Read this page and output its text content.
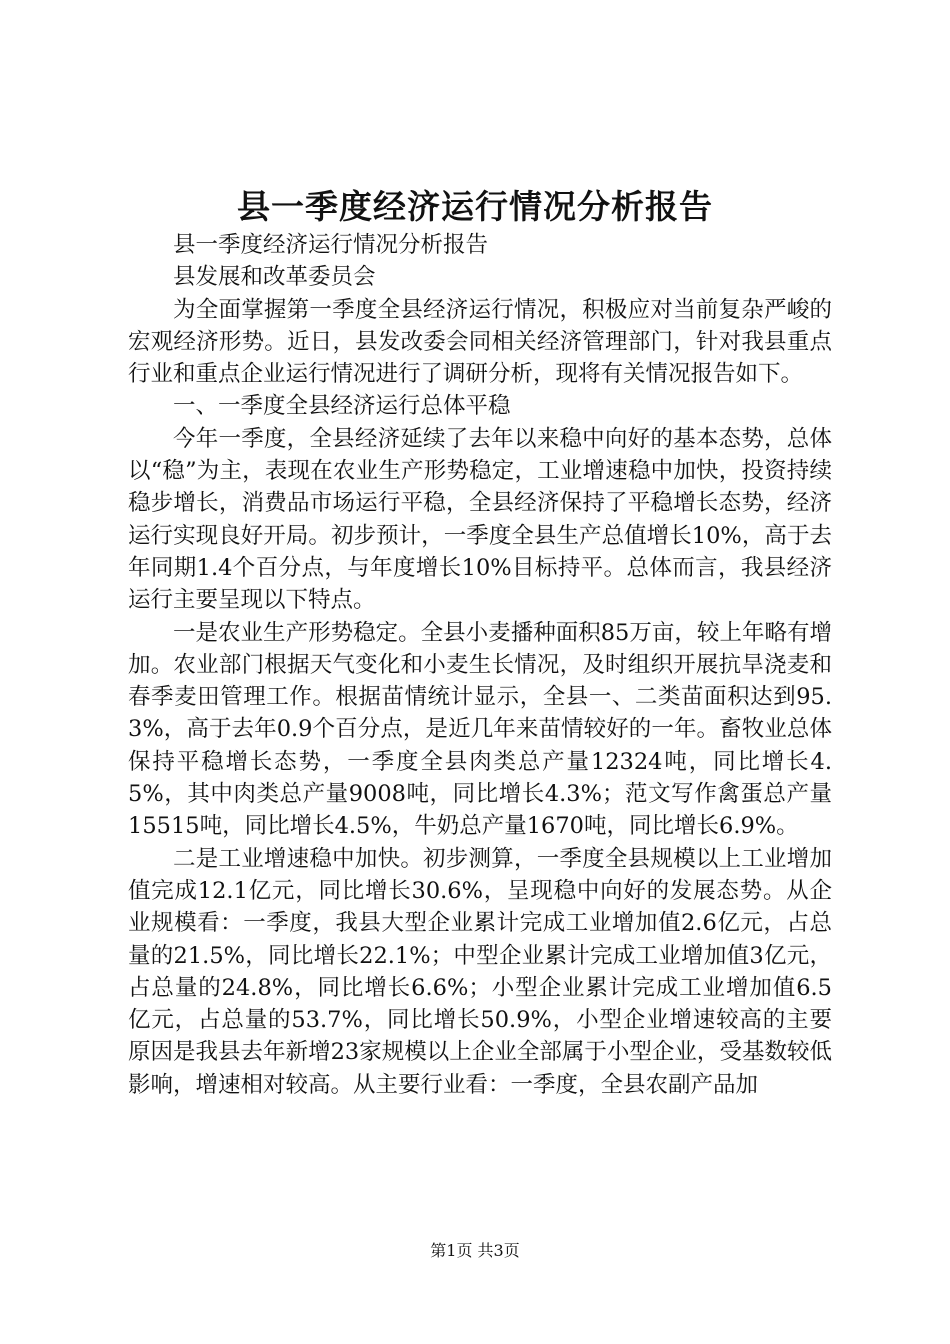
县一季度经济运行情况分析报告

县一季度经济运行情况分析报告

县发展和改革委员会

为全面掌握第一季度全县经济运行情况，积极应对当前复杂严峻的宏观经济形势。近日，县发改委会同相关经济管理部门，针对我县重点行业和重点企业运行情况进行了调研分析，现将有关情况报告如下。

一、一季度全县经济运行总体平稳

今年一季度，全县经济延续了去年以来稳中向好的基本态势，总体以“稳”为主，表现在农业生产形势稳定，工业增速稳中加快，投资持续稳步增长，消费品市场运行平稳，全县经济保持了平稳增长态势，经济运行实现良好开局。初步预计，一季度全县生产总值增长10%，高于去年同期1.4个百分点，与年度增长10%目标持平。总体而言，我县经济运行主要呈现以下特点。

一是农业生产形势稳定。全县小麦播种面积85万亩，较上年略有增加。农业部门根据天气变化和小麦生长情况，及时组织开展抗旱浇麦和春季麦田管理工作。根据苗情统计显示，全县一、二类苗面积达到95.3%，高于去年0.9个百分点，是近几年来苗情较好的一年。畜牧业总体保持平稳增长态势，一季度全县肉类总产量12324吨，同比增长4.5%，其中肉类总产量9008吨，同比增长4.3%；范文写作禽蛋总产量15515吨，同比增长4.5%，牛奶总产量1670吨，同比增长6.9%。

二是工业增速稳中加快。初步测算，一季度全县规模以上工业增加值完成12.1亿元，同比增长30.6%，呈现稳中向好的发展态势。从企业规模看：一季度，我县大型企业累计完成工业增加值2.6亿元，占总量的21.5%，同比增长22.1%；中型企业累计完成工业增加值3亿元，占总量的24.8%，同比增长6.6%；小型企业累计完成工业增加值6.5亿元，占总量的53.7%，同比增长50.9%，小型企业增速较高的主要原因是我县去年新增23家规模以上企业全部属于小型企业，受基数较低影响，增速相对较高。从主要行业看：一季度，全县农副产品加

第1页 共3页
